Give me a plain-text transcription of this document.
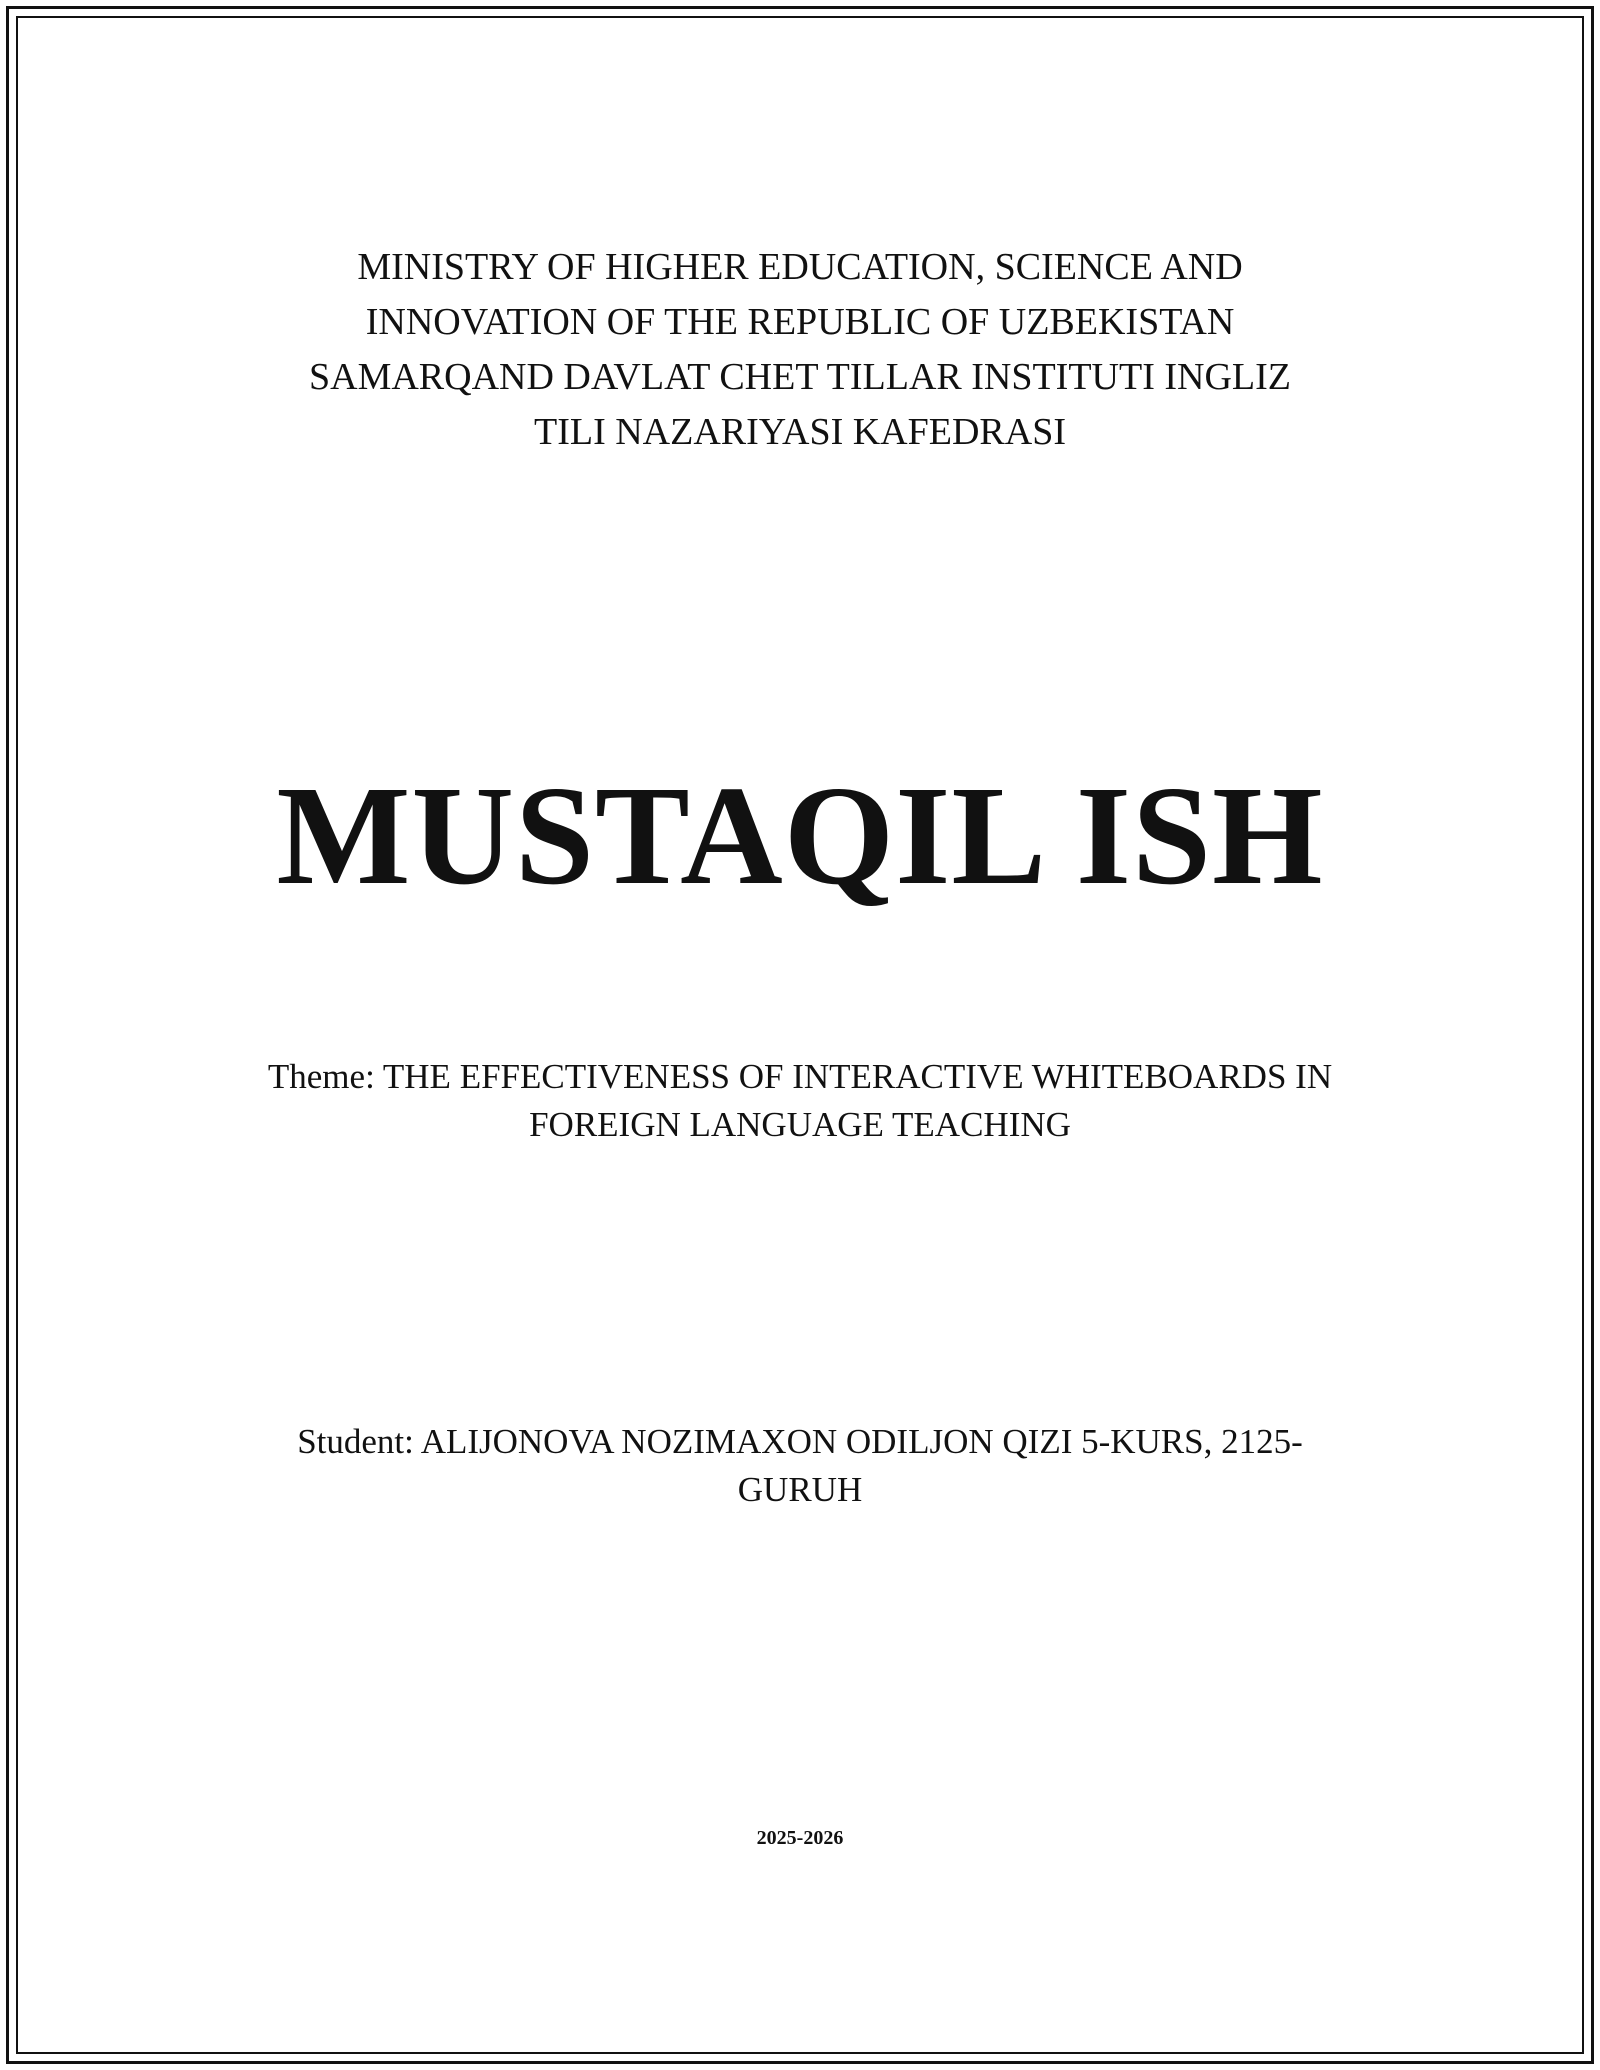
MINISTRY OF HIGHER EDUCATION, SCIENCE AND
INNOVATION OF THE REPUBLIC OF UZBEKISTAN
SAMARQAND DAVLAT CHET TILLAR INSTITUTI INGLIZ
TILI NAZARIYASI KAFEDRASI
MUSTAQIL ISH
Theme: THE EFFECTIVENESS OF INTERACTIVE WHITEBOARDS IN
FOREIGN LANGUAGE TEACHING
Student: ALIJONOVA NOZIMAXON ODILJON QIZI 5-KURS, 2125-
GURUH
2025-2026
